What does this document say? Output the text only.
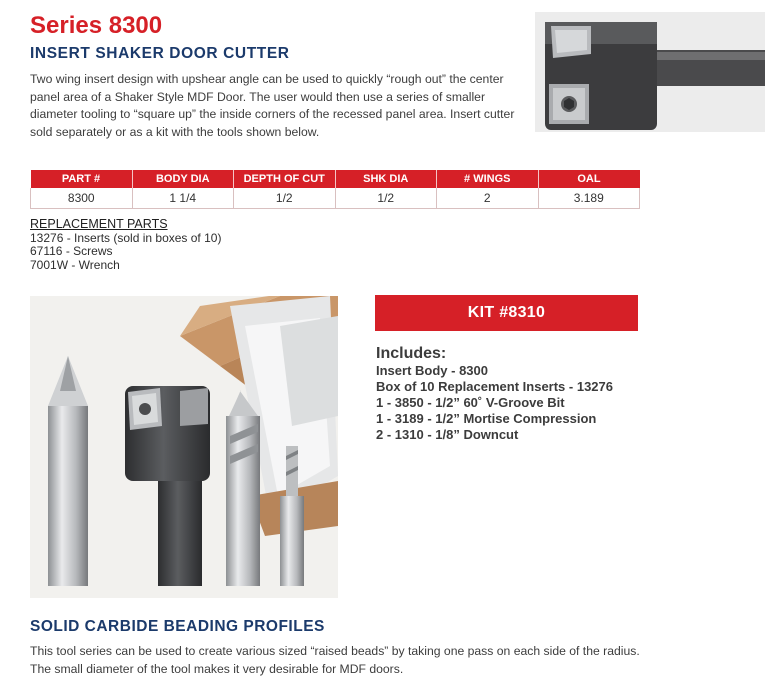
Series 8300
INSERT SHAKER DOOR CUTTER

Two wing insert design with upshear angle can be used to quickly “rough out” the center panel area of a Shaker Style MDF Door. The user would then use a series of smaller diameter tooling to “square up” the inside corners of the recessed panel area. Insert cutter sold separately or as a kit with the tools shown below.

PART #	BODY DIA	DEPTH OF CUT	SHK DIA	# WINGS	OAL
8300	1 1/4	1/2	1/2	2	3.189
REPLACEMENT PARTS
13276 - Inserts (sold in boxes of 10)
67116 - Screws
7001W - Wrench
KIT #8310
Includes:
Insert Body - 8300
Box of 10 Replacement Inserts - 13276
1 - 3850 - 1/2” 60˚ V-Groove Bit
1 - 3189 - 1/2” Mortise Compression
2 - 1310 - 1/8” Downcut
SOLID CARBIDE BEADING PROFILES

This tool series can be used to create various sized “raised beads” by taking one pass on each side of the radius. The small diameter of the tool makes it very desirable for MDF doors.
